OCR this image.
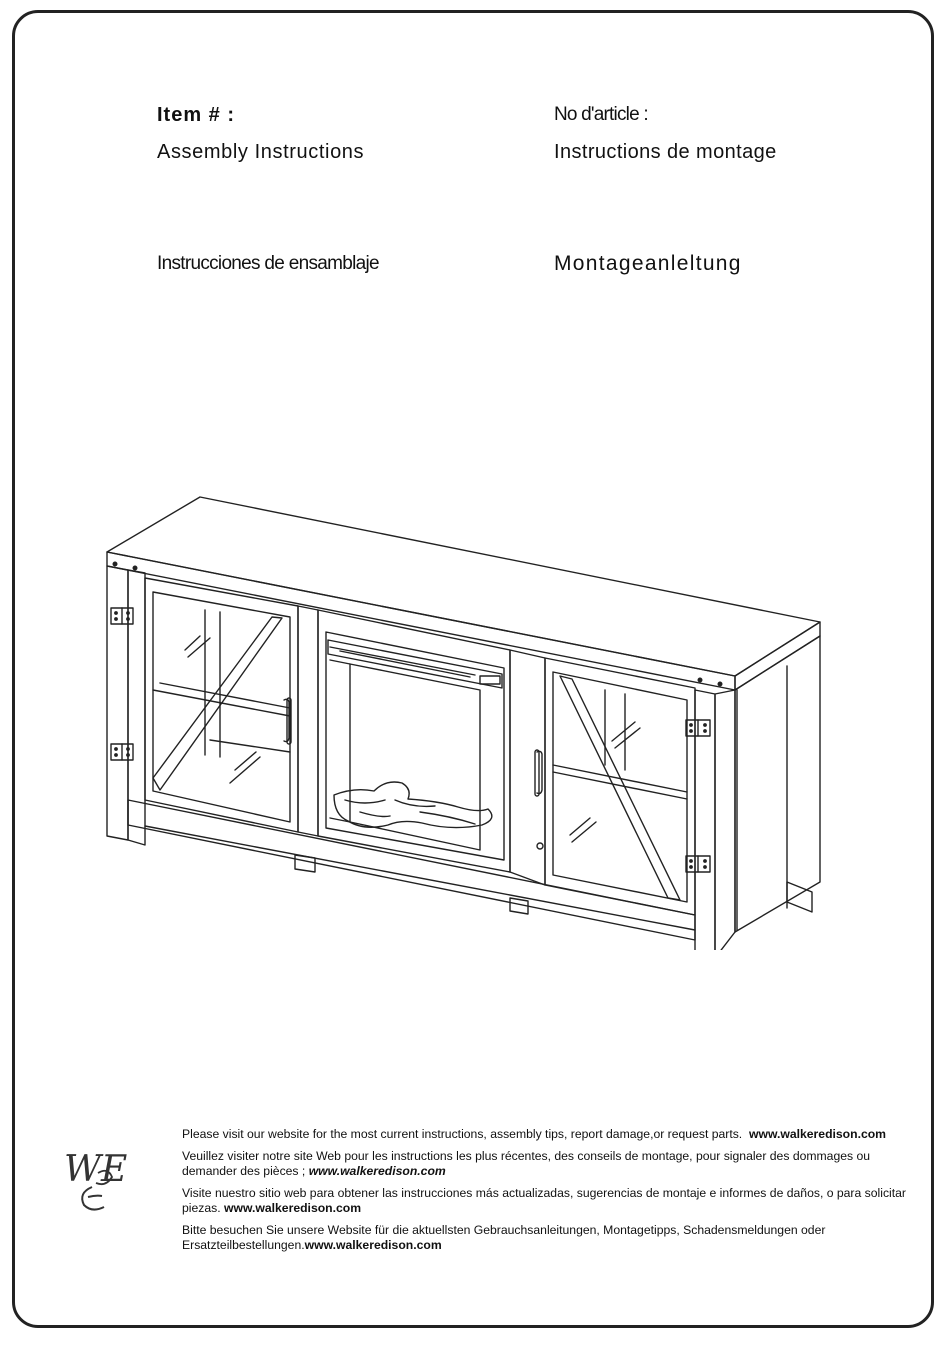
Item # :
Assembly Instructions
No d'article :
Instructions de montage
Instrucciones de ensamblaje	Montageanleltung
WE

Please visit our website for the most current instructions, assembly tips, report damage,or request parts. www.walkeredison.com

Veuillez visiter notre site Web pour les instructions les plus récentes, des conseils de montage, pour signaler des dommages ou demander des pièces ; www.walkeredison.com

Visite nuestro sitio web para obtener las instrucciones más actualizadas, sugerencias de montaje e informes de daños, o para solicitar piezas. www.walkeredison.com

Bitte besuchen Sie unsere Website für die aktuellsten Gebrauchsanleitungen, Montagetipps, Schadensmeldungen oder Ersatzteilbestellungen.www.walkeredison.com
